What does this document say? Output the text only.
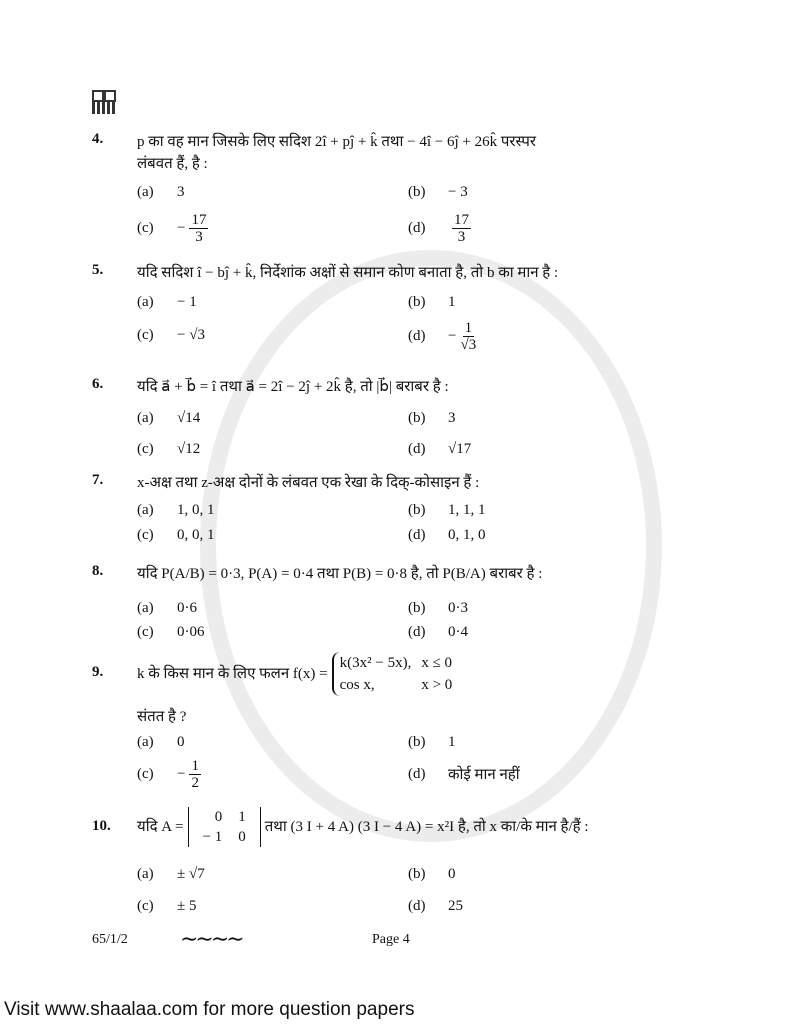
4. p का वह मान जिसके लिए सदिश 2î + pĵ + k̂ तथा − 4î − 6ĵ + 26k̂ परस्पर
लंबवत हैं, है :
(a)	3	(b)	− 3
(c)	− $\frac{17}{3}$	(d)	$\frac{17}{3}$
5. यदि सदिश î − bĵ + k̂, निर्देशांक अक्षों से समान कोण बनाता है, तो b का मान है :
(a)	− 1	(b)	1
(c)	− √3	(d)	− $\frac{1}{√3}$
6. यदि a⃗ + b⃗ = î तथा a⃗ = 2î − 2ĵ + 2k̂ है, तो |b⃗| बराबर है :
(a)	√14	(b)	3
(c)	√12	(d)	√17
7. x-अक्ष तथा z-अक्ष दोनों के लंबवत एक रेखा के दिक्-कोसाइन हैं :
(a)	1, 0, 1	(b)	1, 1, 1
(c)	0, 0, 1	(d)	0, 1, 0
8. यदि P(A/B) = 0·3, P(A) = 0·4 तथा P(B) = 0·8 है, तो P(B/A) बराबर है :
(a)	0·6	(b)	0·3
(c)	0·06	(d)	0·4
9. k के किस मान के लिए फलन f(x) =
k(3x² − 5x),	x ≤ 0
cos x,	x > 0
संतत है ?
(a)	0	(b)	1
(c)	− $\frac{1}{2}$	(d)	कोई मान नहीं
10. यदि A =
0	1
− 1	0
तथा (3 I + 4 A) (3 I − 4 A) = x²I है, तो x का/के मान है/हैं :
(a)	± √7	(b)	0
(c)	± 5	(d)	25
65/1/2 ∼∼∼∼	Page 4
Visit www.shaalaa.com for more question papers
